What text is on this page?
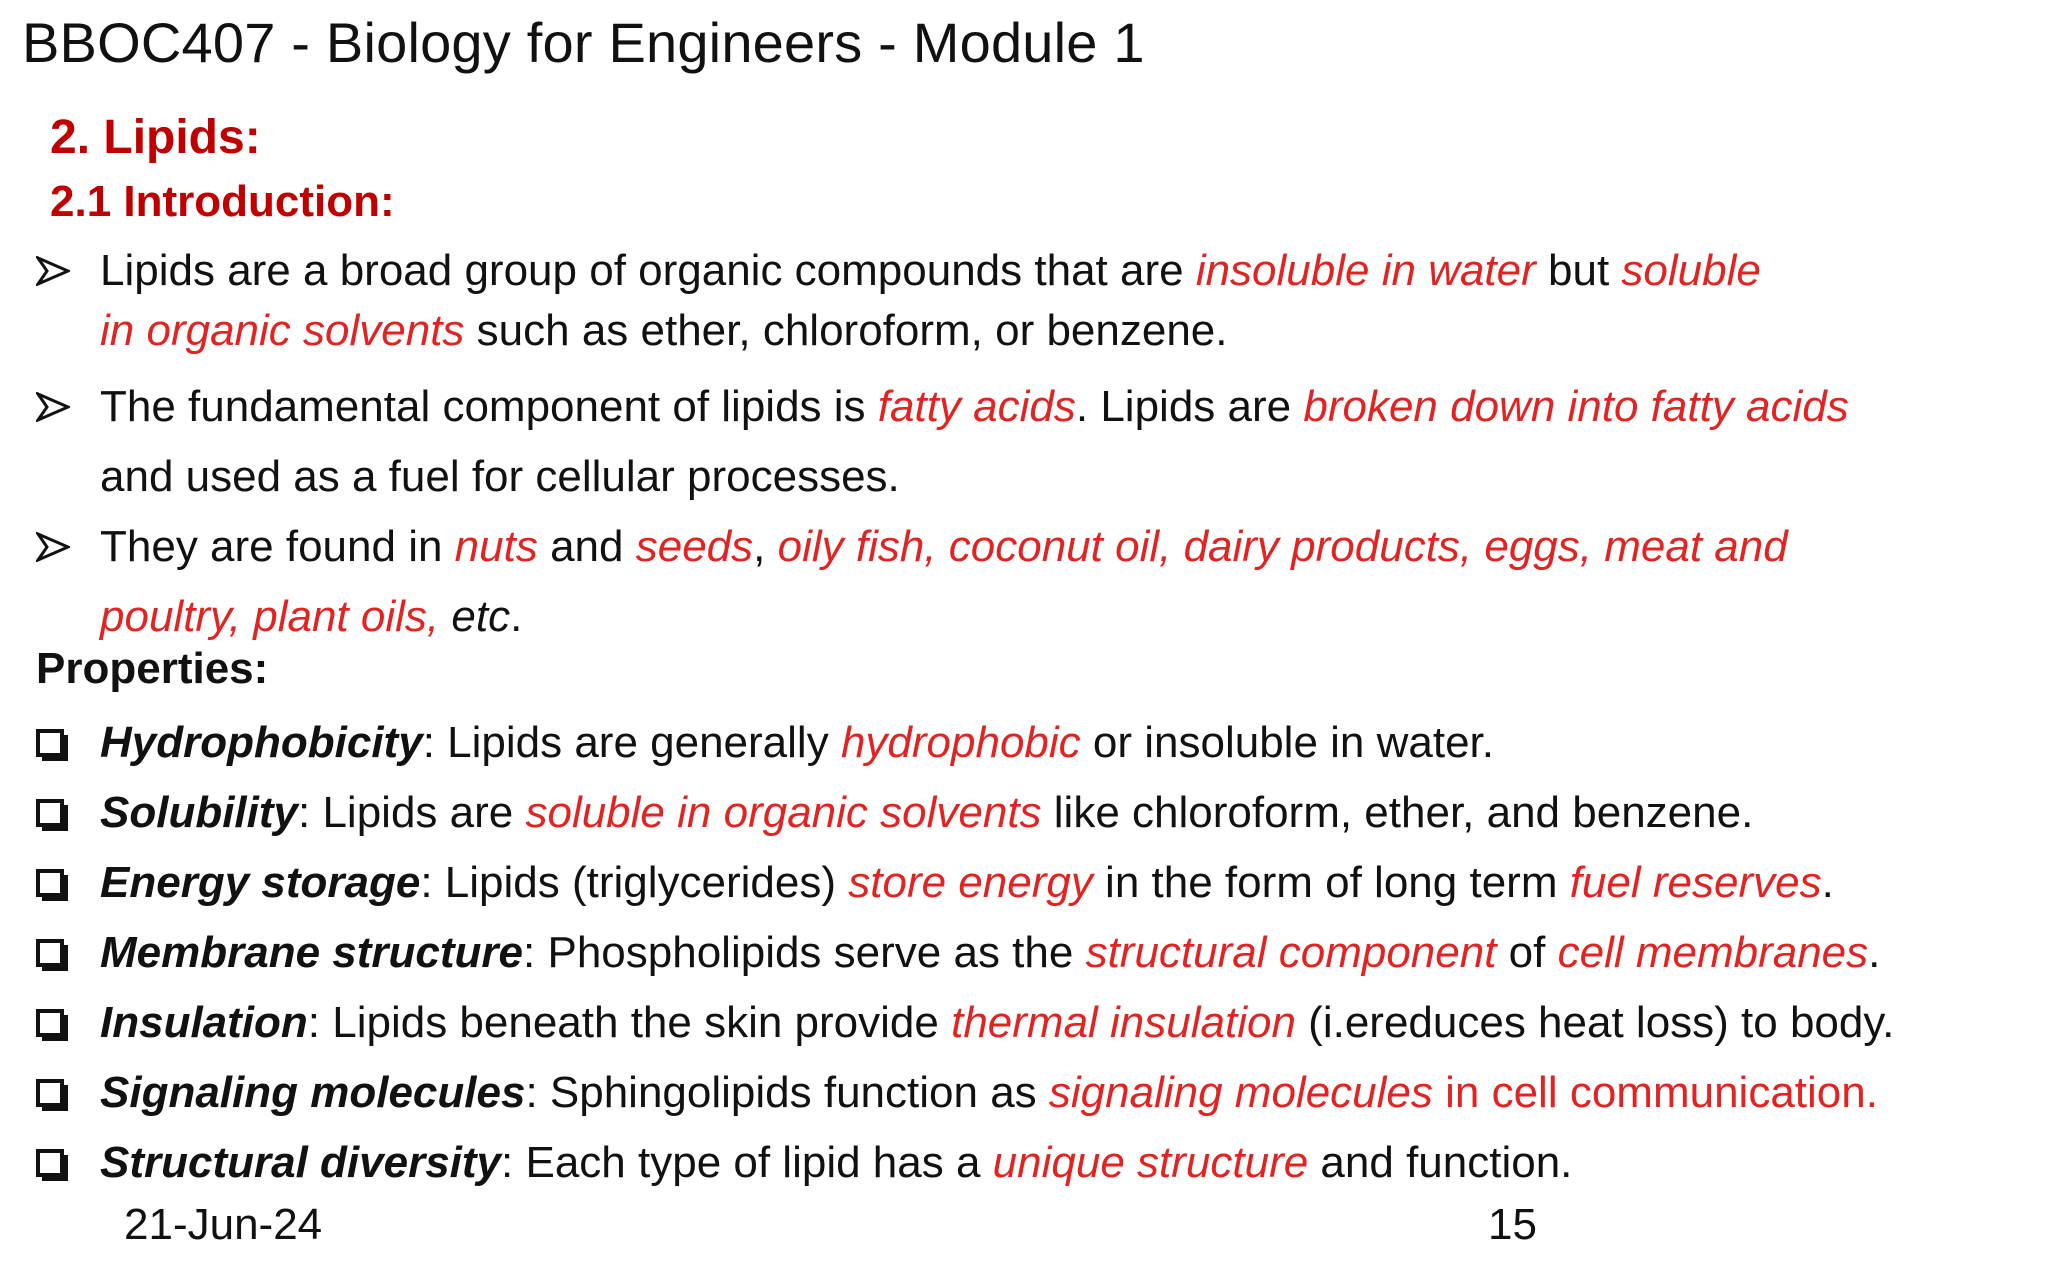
BBOC407 - Biology for Engineers - Module 1
2. Lipids:
2.1 Introduction:
Lipids are a broad group of organic compounds that are insoluble in water but soluble
in organic solvents such as ether, chloroform, or benzene.
The fundamental component of lipids is fatty acids. Lipids are broken down into fatty acids
and used as a fuel for cellular processes.
They are found in nuts and seeds, oily fish, coconut oil, dairy products, eggs, meat and
poultry, plant oils, etc.
Properties:
Hydrophobicity: Lipids are generally hydrophobic or insoluble in water.
Solubility: Lipids are soluble in organic solvents like chloroform, ether, and benzene.
Energy storage: Lipids (triglycerides) store energy in the form of long term fuel reserves.
Membrane structure: Phospholipids serve as the structural component of cell membranes.
Insulation: Lipids beneath the skin provide thermal insulation (i.ereduces heat loss) to body.
Signaling molecules: Sphingolipids function as signaling molecules in cell communication.
Structural diversity: Each type of lipid has a unique structure and function.
21-Jun-24	15
